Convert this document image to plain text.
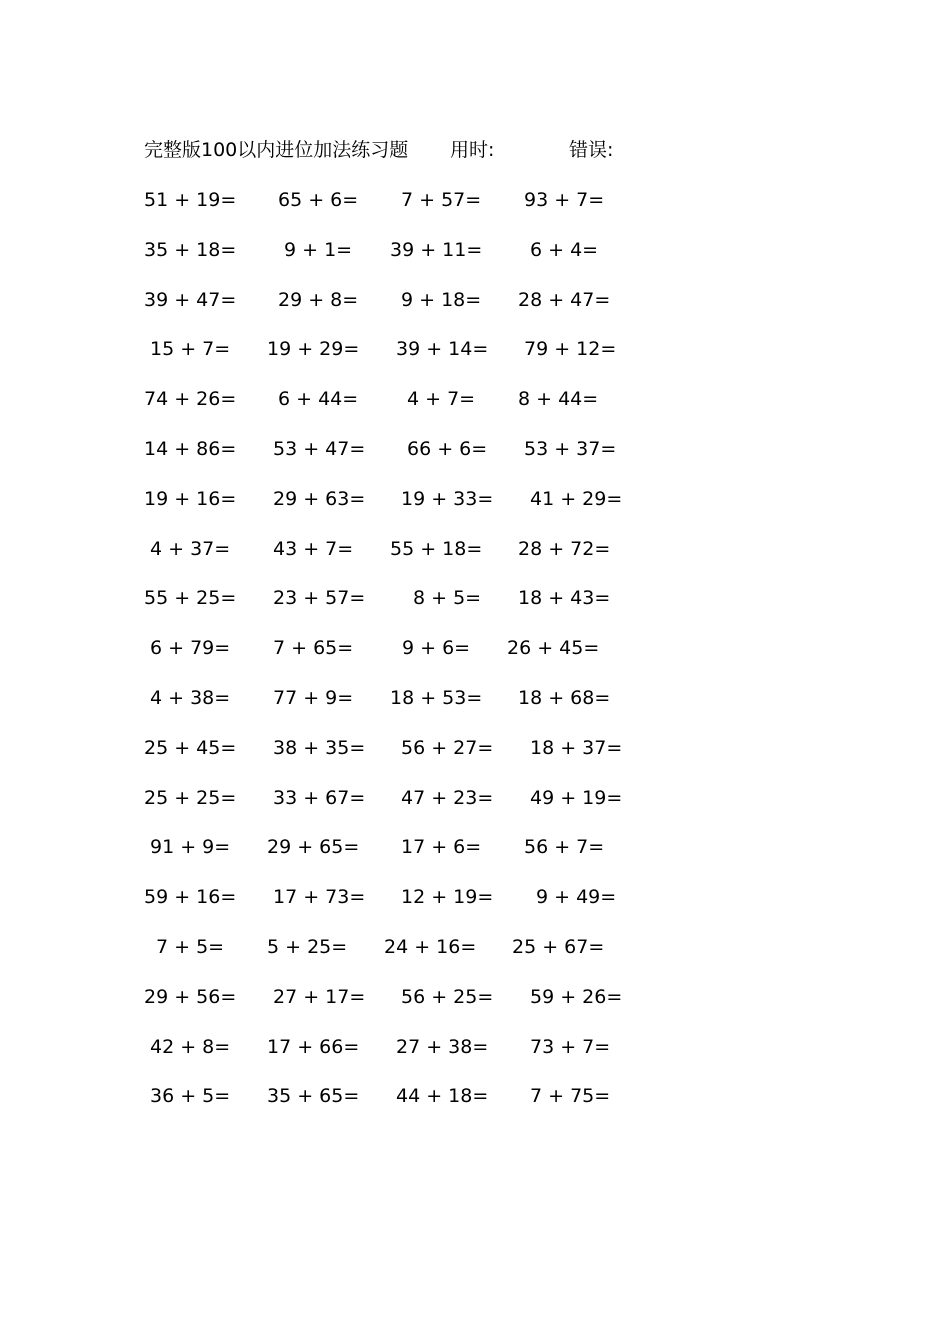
完整版100以内进位加法练习题 用时:	错误:
51 + 19= 65 + 6= 7 + 57= 93 + 7=
35 + 18=	9 + 1= 39 + 11=	6 + 4=
39 + 47= 29 + 8= 9 + 18= 28 + 47=
15 + 7= 19 + 29= 39 + 14= 79 + 12=
74 + 26= 6 + 44=	4 + 7= 8 + 44=
14 + 86= 53 + 47= 66 + 6= 53 + 37=
19 + 16= 29 + 63= 19 + 33= 41 + 29=
4 + 37= 43 + 7= 55 + 18= 28 + 72=
55 + 25= 23 + 57=	8 + 5= 18 + 43=
6 + 79= 7 + 65=	9 + 6= 26 + 45=
4 + 38= 77 + 9= 18 + 53= 18 + 68=
25 + 45= 38 + 35= 56 + 27= 18 + 37=
25 + 25= 33 + 67= 47 + 23= 49 + 19=
91 + 9= 29 + 65= 17 + 6= 56 + 7=
59 + 16= 17 + 73= 12 + 19= 9 + 49=
7 + 5= 5 + 25= 24 + 16= 25 + 67=
29 + 56= 27 + 17= 56 + 25= 59 + 26=
42 + 8= 17 + 66= 27 + 38= 73 + 7=
36 + 5= 35 + 65= 44 + 18= 7 + 75=
